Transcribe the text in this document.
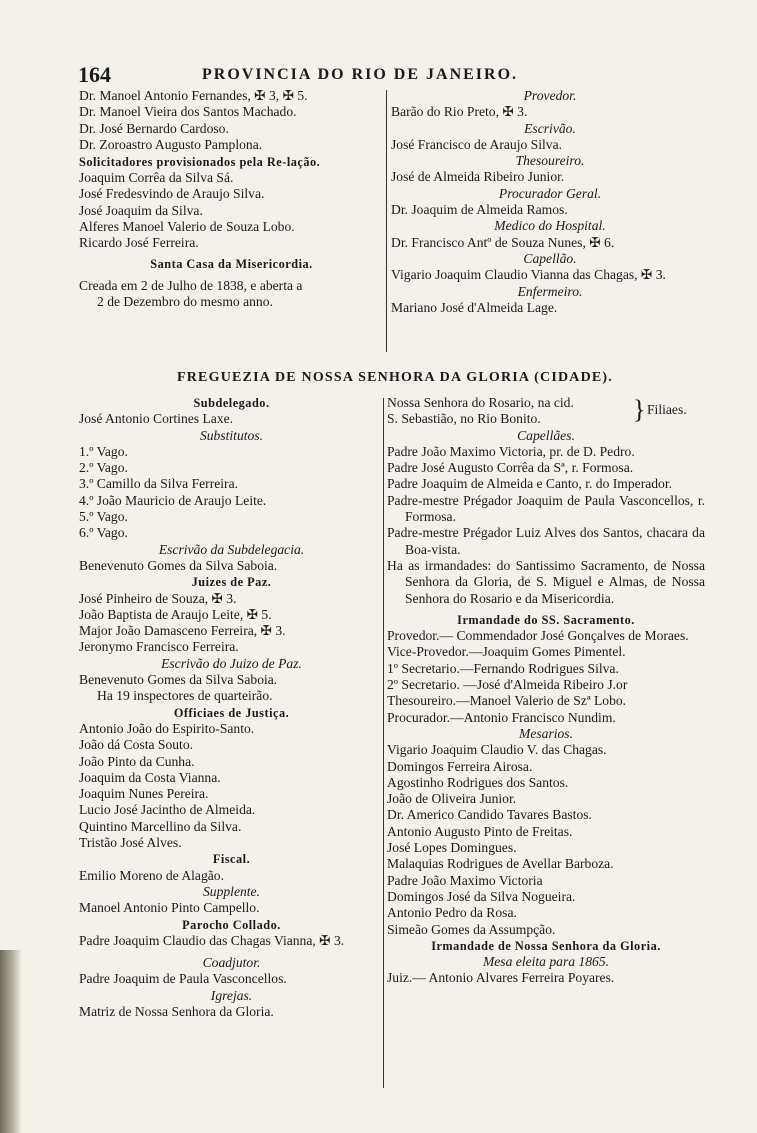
164	PROVINCIA DO RIO DE JANEIRO.
Dr. Manoel Antonio Fernandes, ✠ 3, ✠ 5.
Dr. Manoel Vieira dos Santos Machado.
Dr. José Bernardo Cardoso.
Dr. Zoroastro Augusto Pamplona.
Solicitadores provisionados pela Re-lação.
Joaquim Corrêa da Silva Sá.
José Fredesvindo de Araujo Silva.
José Joaquim da Silva.
Alferes Manoel Valerio de Souza Lobo.
Ricardo José Ferreira.
Santa Casa da Misericordia.
Creada em 2 de Julho de 1838, e aberta a
2 de Dezembro do mesmo anno.
Provedor.
Barão do Rio Preto, ✠ 3.
Escrivão.
José Francisco de Araujo Silva.
Thesoureiro.
José de Almeida Ribeiro Junior.
Procurador Geral.
Dr. Joaquim de Almeida Ramos.
Medico do Hospital.
Dr. Francisco Antº de Souza Nunes, ✠ 6.
Capellão.
Vigario Joaquim Claudio Vianna das Chagas, ✠ 3.
Enfermeiro.
Mariano José d'Almeida Lage.
FREGUEZIA DE NOSSA SENHORA DA GLORIA (CIDADE).
Subdelegado.
José Antonio Cortines Laxe.
Substitutos.
1.º Vago.
2.º Vago.
3.º Camillo da Silva Ferreira.
4.º João Mauricio de Araujo Leite.
5.º Vago.
6.º Vago.
Escrivão da Subdelegacia.
Benevenuto Gomes da Silva Saboia.
Juizes de Paz.
José Pinheiro de Souza, ✠ 3.
João Baptista de Araujo Leite, ✠ 5.
Major João Damasceno Ferreira, ✠ 3.
Jeronymo Francisco Ferreira.
Escrivão do Juizo de Paz.
Benevenuto Gomes da Silva Saboia.
Ha 19 inspectores de quarteirão.
Officiaes de Justiça.
Antonio João do Espirito-Santo.
João dá Costa Souto.
João Pinto da Cunha.
Joaquim da Costa Vianna.
Joaquim Nunes Pereira.
Lucio José Jacintho de Almeida.
Quintino Marcellino da Silva.
Tristão José Alves.
Fiscal.
Emilio Moreno de Alagão.
Supplente.
Manoel Antonio Pinto Campello.
Parocho Collado.
Padre Joaquim Claudio das Chagas Vianna, ✠ 3.
Coadjutor.
Padre Joaquim de Paula Vasconcellos.
Igrejas.
Matriz de Nossa Senhora da Gloria.
Nossa Senhora do Rosario, na cid.
S. Sebastião, no Rio Bonito.	} Filiaes.
Capellães.
Padre João Maximo Victoria, pr. de D. Pedro.
Padre José Augusto Corrêa da Sª, r. Formosa.
Padre Joaquim de Almeida e Canto, r. do Imperador.
Padre-mestre Prégador Joaquim de Paula Vasconcellos, r. Formosa.
Padre-mestre Prégador Luiz Alves dos Santos, chacara da Boa-vista.
Ha as irmandades: do Santissimo Sacramento, de Nossa Senhora da Gloria, de S. Miguel e Almas, de Nossa Senhora do Rosario e da Misericordia.
Irmandade do SS. Sacramento.
Provedor.— Commendador José Gonçalves de Moraes.
Vice-Provedor.—Joaquim Gomes Pimentel.
1º Secretario.—Fernando Rodrigues Silva.
2º Secretario. —José d'Almeida Ribeiro J.or
Thesoureiro.—Manoel Valerio de Szª Lobo.
Procurador.—Antonio Francisco Nundim.
Mesarios.
Vigario Joaquim Claudio V. das Chagas.
Domingos Ferreira Airosa.
Agostinho Rodrigues dos Santos.
João de Oliveira Junior.
Dr. Americo Candido Tavares Bastos.
Antonio Augusto Pinto de Freitas.
José Lopes Domingues.
Malaquias Rodrigues de Avellar Barboza.
Padre João Maximo Victoria
Domingos José da Silva Nogueira.
Antonio Pedro da Rosa.
Simeão Gomes da Assumpção.
Irmandade de Nossa Senhora da Gloria.
Mesa eleita para 1865.
Juiz.— Antonio Alvares Ferreira Poyares.
